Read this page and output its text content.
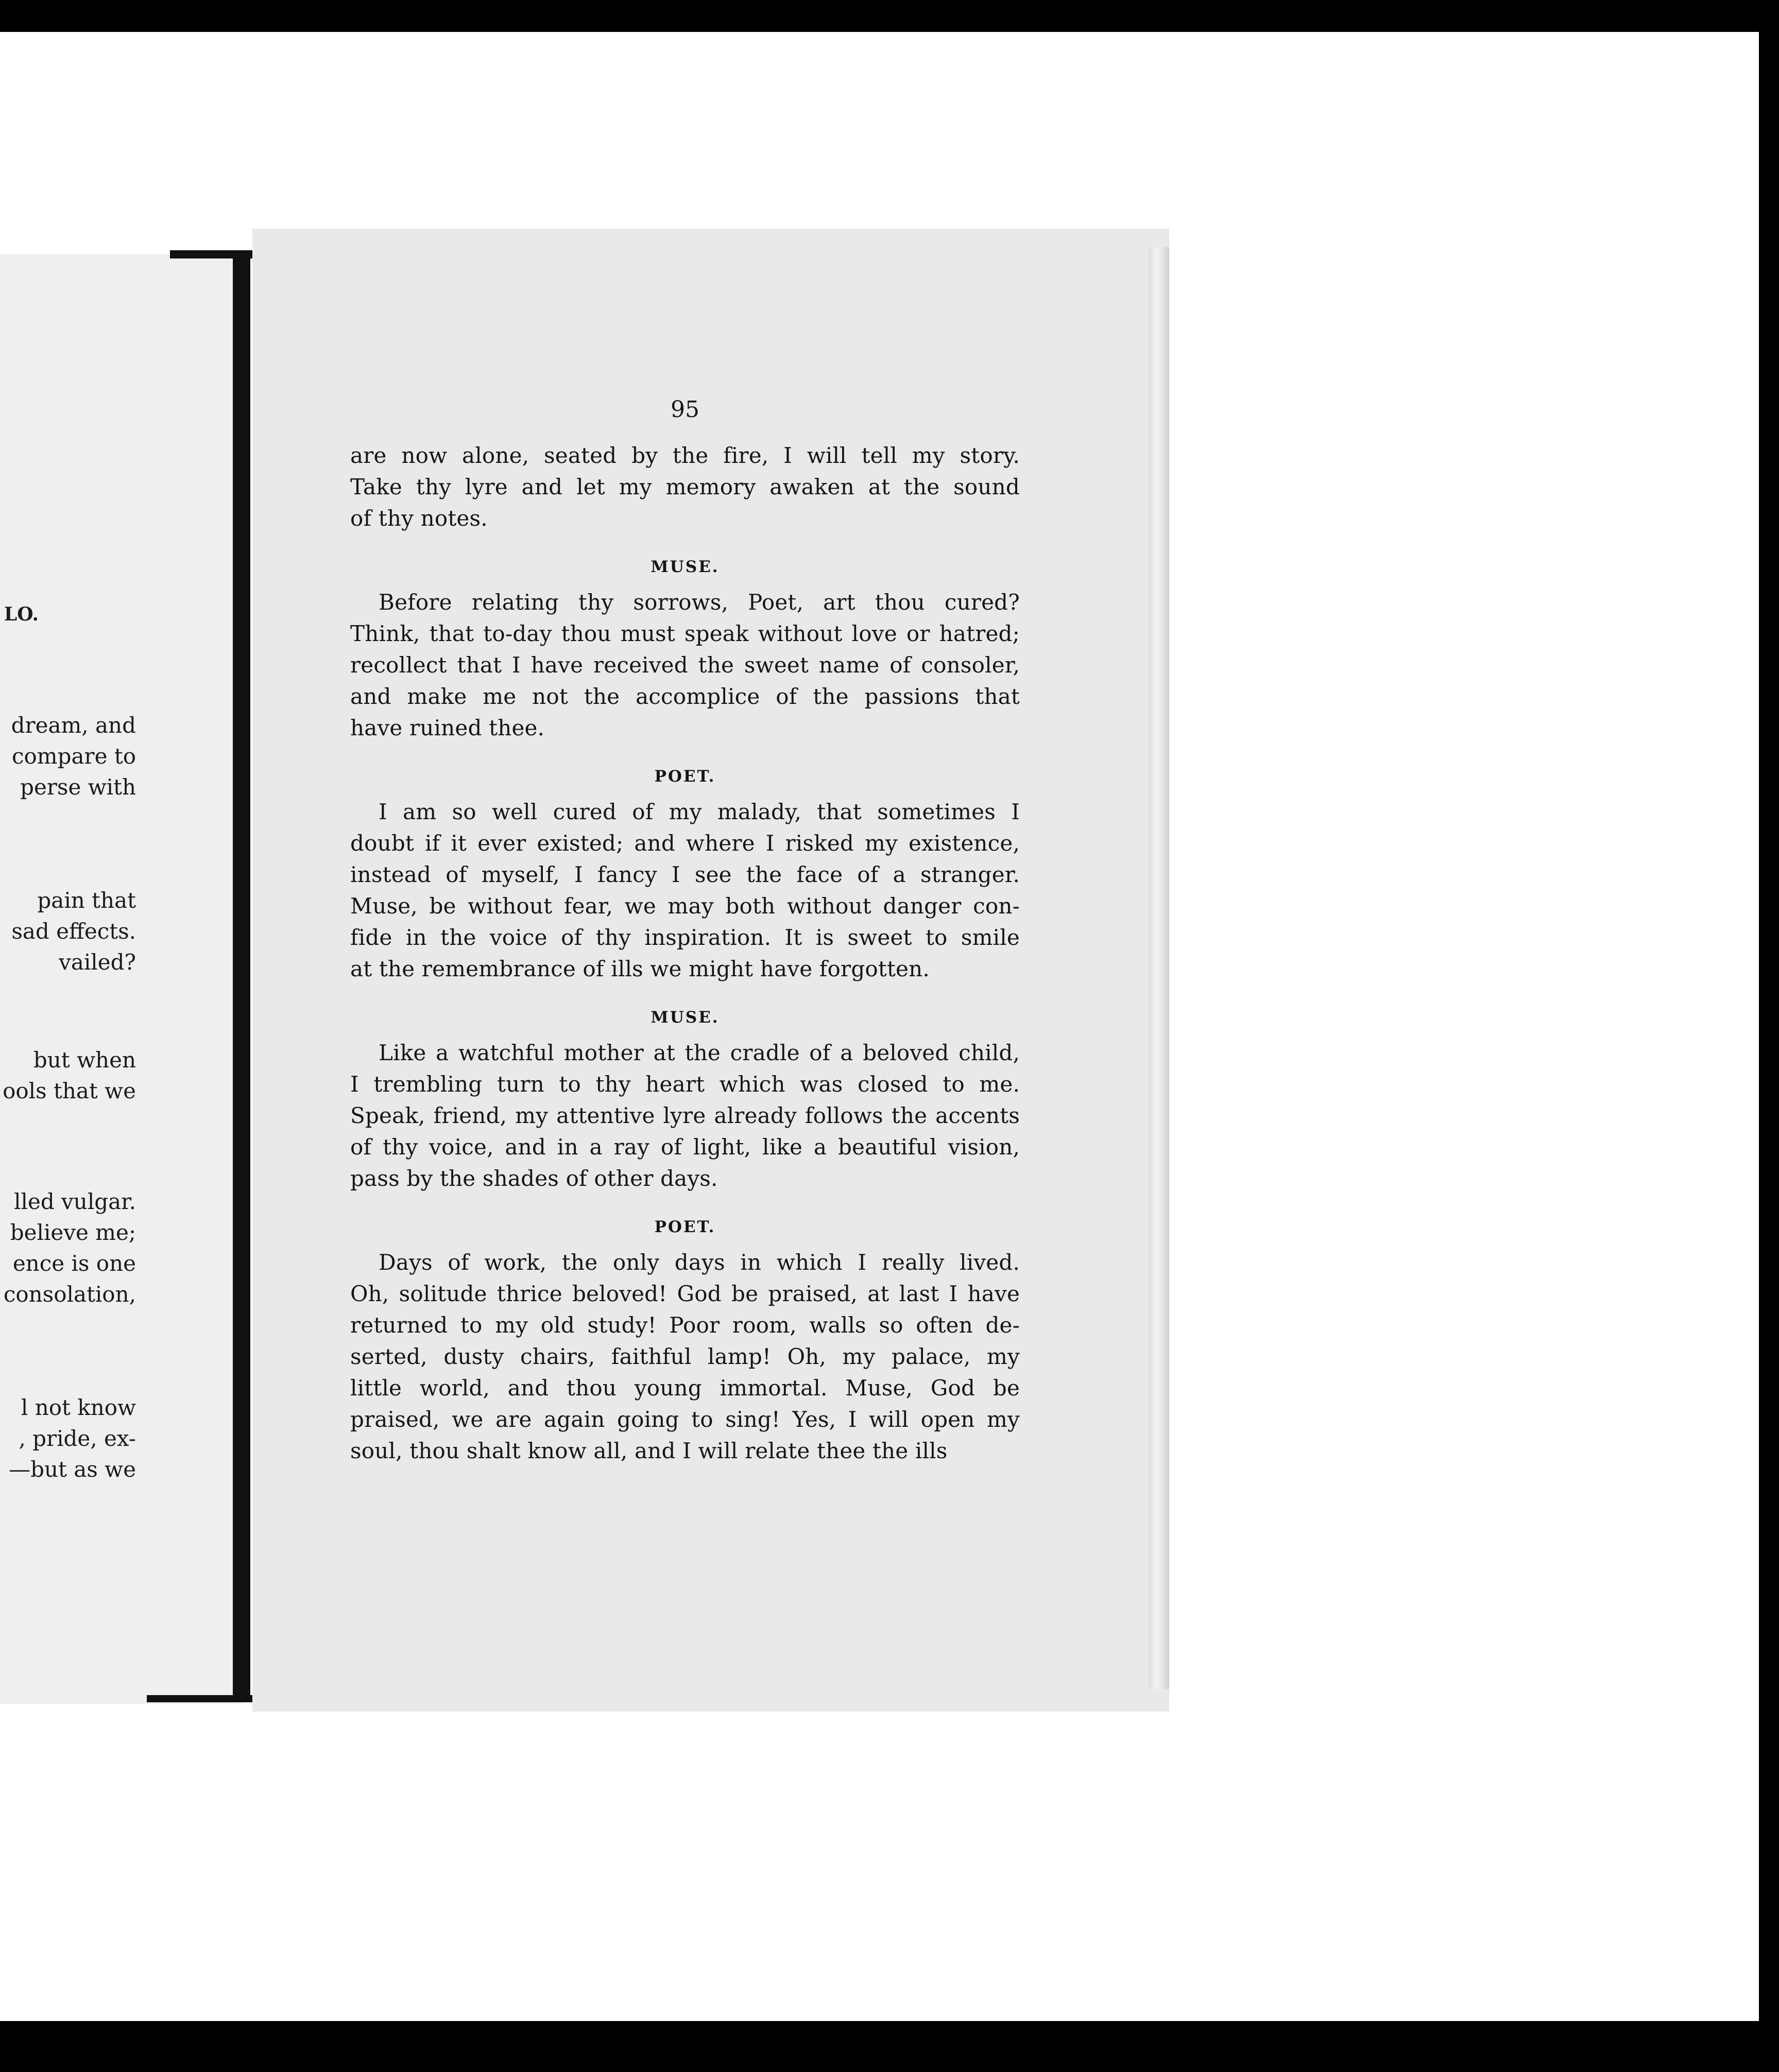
LO.
dream, and
compare to
perse with
pain that
sad effects.
vailed?
but when
ools that we
lled vulgar.
believe me;
ence is one
consolation,
l not know
, pride, ex-
—but as we
95
are now alone, seated by the fire, I will tell my story.
Take thy lyre and let my memory awaken at the sound
of thy notes.
MUSE.
Before relating thy sorrows, Poet, art thou cured?
Think, that to-day thou must speak without love or hatred;
recollect that I have received the sweet name of consoler,
and make me not the accomplice of the passions that
have ruined thee.
POET.
I am so well cured of my malady, that sometimes I
doubt if it ever existed; and where I risked my existence,
instead of myself, I fancy I see the face of a stranger.
Muse, be without fear, we may both without danger con-
fide in the voice of thy inspiration. It is sweet to smile
at the remembrance of ills we might have forgotten.
MUSE.
Like a watchful mother at the cradle of a beloved child,
I trembling turn to thy heart which was closed to me.
Speak, friend, my attentive lyre already follows the accents
of thy voice, and in a ray of light, like a beautiful vision,
pass by the shades of other days.
POET.
Days of work, the only days in which I really lived.
Oh, solitude thrice beloved! God be praised, at last I have
returned to my old study! Poor room, walls so often de-
serted, dusty chairs, faithful lamp! Oh, my palace, my
little world, and thou young immortal. Muse, God be
praised, we are again going to sing! Yes, I will open my
soul, thou shalt know all, and I will relate thee the ills
